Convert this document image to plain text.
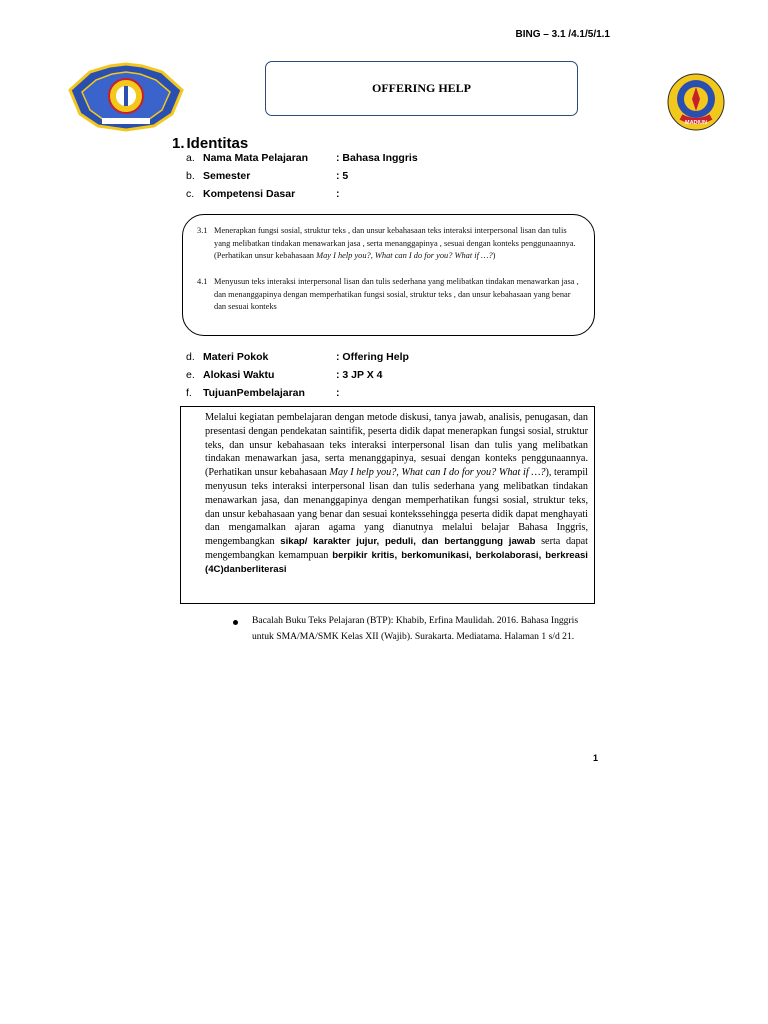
BING – 3.1 /4.1/5/1.1
OFFERING HELP
MADIUN
1. Identitas
a. Nama Mata Pelajaran	: Bahasa Inggris
b. Semester	: 5
c. Kompetensi Dasar	:
3.1 Menerapkan fungsi sosial, struktur teks , dan unsur kebahasaan teks interaksi interpersonal lisan dan tulis yang melibatkan tindakan menawarkan jasa , serta menanggapinya , sesuai dengan konteks penggunaannya. (Perhatikan unsur kebahasaan May I help you?, What can I do for you? What if …?)
4.1 Menyusun teks interaksi interpersonal lisan dan tulis sederhana yang melibatkan tindakan menawarkan jasa , dan menanggapinya dengan memperhatikan fungsi sosial, struktur teks , dan unsur kebahasaan yang benar dan sesuai konteks
d. Materi Pokok	: Offering Help
e. Alokasi Waktu	: 3 JP X 4
f. TujuanPembelajaran	:
Melalui kegiatan pembelajaran dengan metode diskusi, tanya jawab, analisis, penugasan, dan presentasi dengan pendekatan saintifik, peserta didik dapat menerapkan fungsi sosial, struktur teks, dan unsur kebahasaan teks interaksi interpersonal lisan dan tulis yang melibatkan tindakan menawarkan jasa, serta menanggapinya, sesuai dengan konteks penggunaannya. (Perhatikan unsur kebahasaan May I help you?, What can I do for you? What if …?), terampil menyusun teks interaksi interpersonal lisan dan tulis sederhana yang melibatkan tindakan menawarkan jasa, dan menanggapinya dengan memperhatikan fungsi sosial, struktur teks, dan unsur kebahasaan yang benar dan sesuai kontekssehingga peserta didik dapat menghayati dan mengamalkan ajaran agama yang dianutnya melalui belajar Bahasa Inggris, mengembangkan sikap/ karakter jujur, peduli, dan bertanggung jawab serta dapat mengembangkan kemampuan berpikir kritis, berkomunikasi, berkolaborasi, berkreasi (4C)danberliterasi
Bacalah Buku Teks Pelajaran (BTP): Khabib, Erfina Maulidah. 2016. Bahasa Inggris untuk SMA/MA/SMK Kelas XII (Wajib). Surakarta. Mediatama. Halaman 1 s/d 21.
1
